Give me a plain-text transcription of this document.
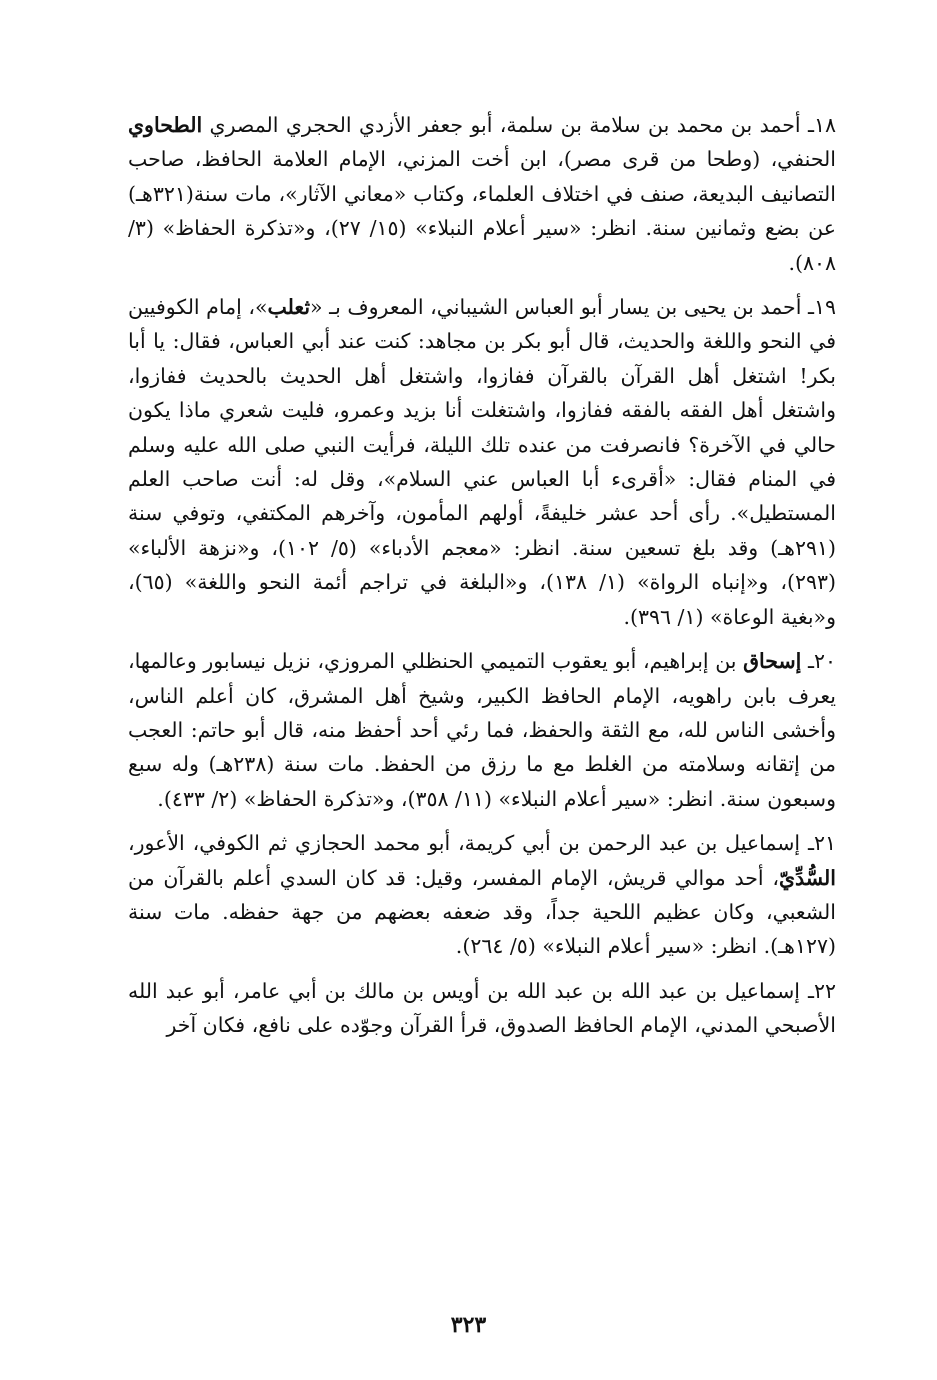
١٨ـ أحمد بن محمد بن سلامة بن سلمة، أبو جعفر الأزدي الحجري المصري الطحاوي الحنفي، (وطحا من قرى مصر)، ابن أخت المزني، الإمام العلامة الحافظ، صاحب التصانيف البديعة، صنف في اختلاف العلماء، وكتاب «معاني الآثار»، مات سنة(٣٢١هـ) عن بضع وثمانين سنة. انظر: «سير أعلام النبلاء» (١٥/ ٢٧)، و«تذكرة الحفاظ» (٣/ ٨٠٨).

١٩ـ أحمد بن يحيى بن يسار أبو العباس الشيباني، المعروف بـ «ثعلب»، إمام الكوفيين في النحو واللغة والحديث، قال أبو بكر بن مجاهد: كنت عند أبي العباس، فقال: يا أبا بكر! اشتغل أهل القرآن بالقرآن ففازوا، واشتغل أهل الحديث بالحديث ففازوا، واشتغل أهل الفقه بالفقه ففازوا، واشتغلت أنا بزيد وعمرو، فليت شعري ماذا يكون حالي في الآخرة؟ فانصرفت من عنده تلك الليلة، فرأيت النبي صلى الله عليه وسلم في المنام فقال: «أقرىء أبا العباس عني السلام»، وقل له: أنت صاحب العلم المستطيل». رأى أحد عشر خليفةً، أولهم المأمون، وآخرهم المكتفي، وتوفي سنة (٢٩١هـ) وقد بلغ تسعين سنة. انظر: «معجم الأدباء» (٥/ ١٠٢)، و«نزهة الألباء» (٢٩٣)، و«إنباه الرواة» (١/ ١٣٨)، و«البلغة في تراجم أئمة النحو واللغة» (٦٥)، و«بغية الوعاة» (١/ ٣٩٦).

٢٠ـ إسحاق بن إبراهيم، أبو يعقوب التميمي الحنظلي المروزي، نزيل نيسابور وعالمها، يعرف بابن راهويه، الإمام الحافظ الكبير، وشيخ أهل المشرق، كان أعلم الناس، وأخشى الناس لله، مع الثقة والحفظ، فما رئي أحد أحفظ منه، قال أبو حاتم: العجب من إتقانه وسلامته من الغلط مع ما رزق من الحفظ. مات سنة (٢٣٨هـ) وله سبع وسبعون سنة. انظر: «سير أعلام النبلاء» (١١/ ٣٥٨)، و«تذكرة الحفاظ» (٢/ ٤٣٣).

٢١ـ إسماعيل بن عبد الرحمن بن أبي كريمة، أبو محمد الحجازي ثم الكوفي، الأعور، السُّدِّيّ، أحد موالي قريش، الإمام المفسر، وقيل: قد كان السدي أعلم بالقرآن من الشعبي، وكان عظيم اللحية جداً، وقد ضعفه بعضهم من جهة حفظه. مات سنة (١٢٧هـ). انظر: «سير أعلام النبلاء» (٥/ ٢٦٤).

٢٢ـ إسماعيل بن عبد الله بن عبد الله بن أويس بن مالك بن أبي عامر، أبو عبد الله الأصبحي المدني، الإمام الحافظ الصدوق، قرأ القرآن وجوّده على نافع، فكان آخر

٣٢٣
